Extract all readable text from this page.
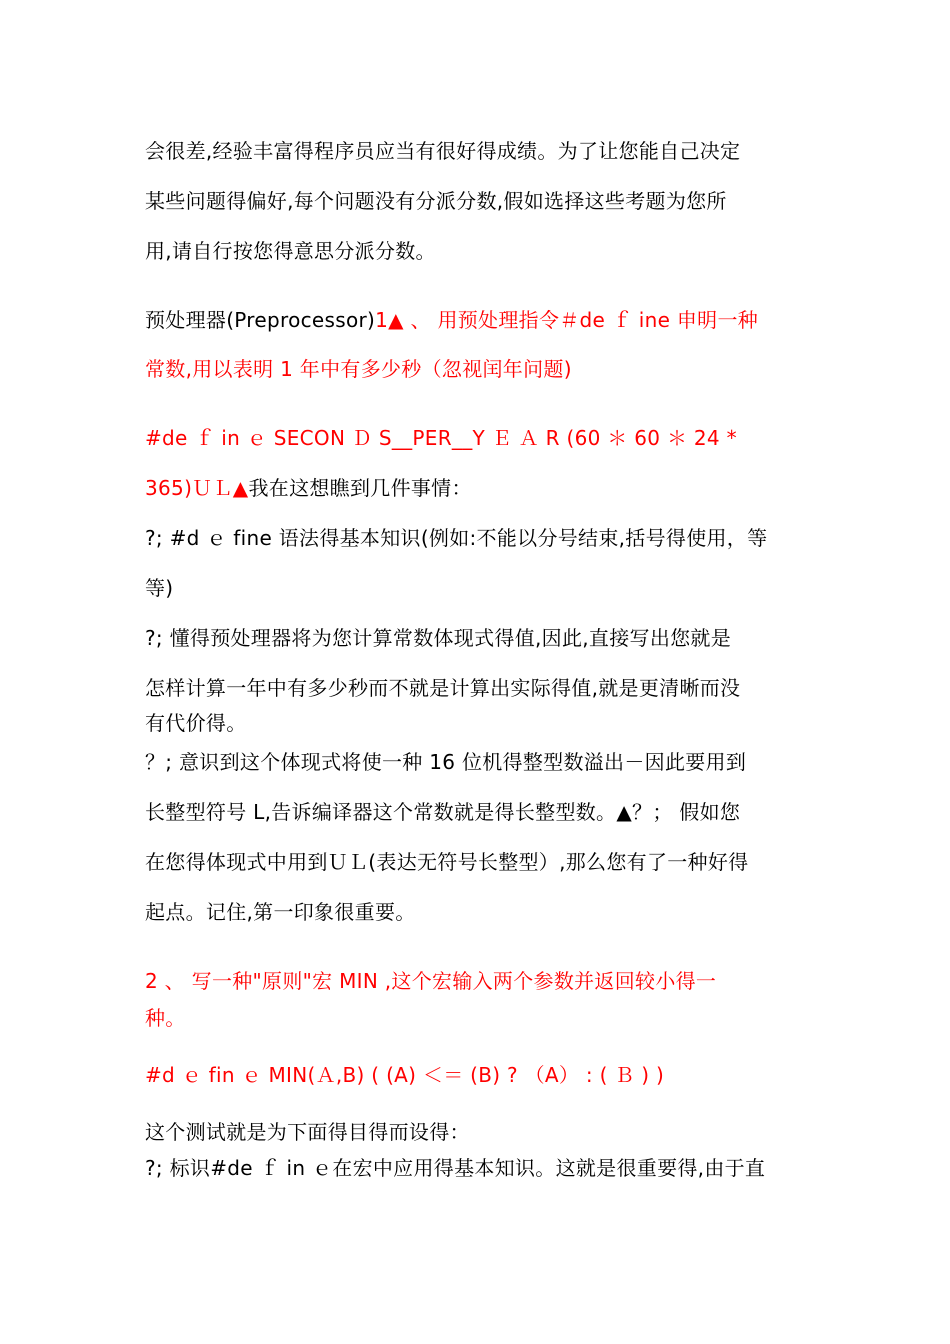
会很差,经验丰富得程序员应当有很好得成绩。为了让您能自己决定
某些问题得偏好,每个问题没有分派分数,假如选择这些考题为您所
用,请自行按您得意思分派分数。
预处理器(Preprocessor)1▲ 、 用预处理指令＃de ｆ ine 申明一种
常数,用以表明 1 年中有多少秒（忽视闰年问题)
#de ｆ in ｅ SECON Ｄ S__PER__Y Ｅ Ａ R (60 ＊ 60 ＊ 24 *
365)ＵＬ▲我在这想瞧到几件事情：
?; #d ｅ fine 语法得基本知识(例如:不能以分号结束,括号得使用，等
等)
?; 懂得预处理器将为您计算常数体现式得值,因此,直接写出您就是
怎样计算一年中有多少秒而不就是计算出实际得值,就是更清晰而没
有代价得。
？; 意识到这个体现式将使一种 16 位机得整型数溢出－因此要用到
长整型符号 L,告诉编译器这个常数就是得长整型数。▲？； 假如您
在您得体现式中用到ＵＬ(表达无符号长整型）,那么您有了一种好得
起点。记住,第一印象很重要。
2 、 写一种"原则"宏 MIN ,这个宏输入两个参数并返回较小得一
种。
#d ｅ fin ｅ MIN(Ａ,B) ( (A) ＜＝ (B) ? （A） : ( Ｂ ) )
这个测试就是为下面得目得而设得：
?; 标识#de ｆ in ｅ在宏中应用得基本知识。这就是很重要得,由于直
